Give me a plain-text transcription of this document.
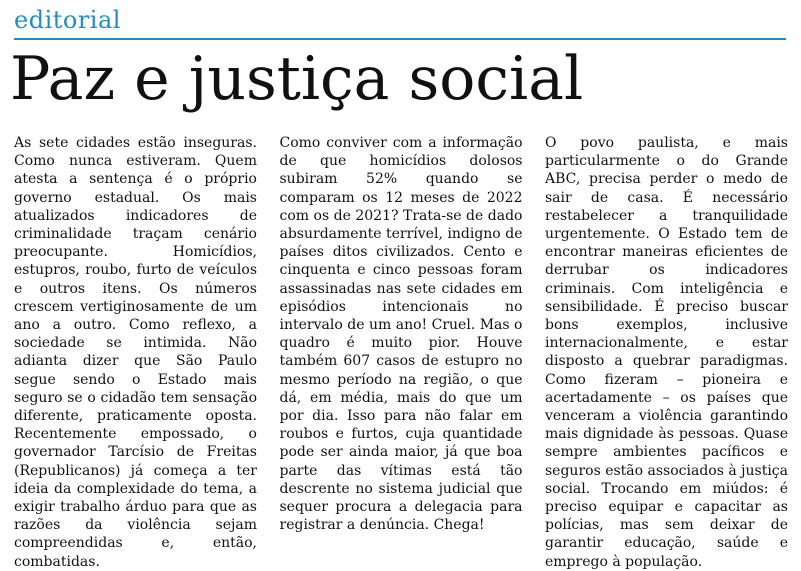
editorial
Paz e justiça social

As sete cidades estão inseguras. Como nunca estiveram. Quem atesta a sentença é o próprio governo estadual. Os mais atualizados indicadores de criminalidade traçam cenário preocupante. Homicídios, estupros, roubo, furto de veículos e outros itens. Os números crescem vertiginosamente de um ano a outro. Como reflexo, a sociedade se intimida. Não adianta dizer que São Paulo segue sendo o Estado mais seguro se o cidadão tem sensação diferente, praticamente oposta. Recentemente empossado, o governador Tarcísio de Freitas (Republicanos) já começa a ter ideia da complexidade do tema, a exigir trabalho árduo para que as razões da violência sejam compreendidas e, então, combatidas.

Como conviver com a informação de que homicídios dolosos subiram 52% quando se comparam os 12 meses de 2022 com os de 2021? Trata-se de dado absurdamente terrível, indigno de países ditos civilizados. Cento e cinquenta e cinco pessoas foram assassinadas nas sete cidades em episódios intencionais no intervalo de um ano! Cruel. Mas o quadro é muito pior. Houve também 607 casos de estupro no mesmo período na região, o que dá, em média, mais do que um por dia. Isso para não falar em roubos e furtos, cuja quantidade pode ser ainda maior, já que boa parte das vítimas está tão descrente no sistema judicial que sequer procura a delegacia para registrar a denúncia. Chega!

O povo paulista, e mais particularmente o do Grande ABC, precisa perder o medo de sair de casa. É necessário restabelecer a tranquilidade urgentemente. O Estado tem de encontrar maneiras eficientes de derrubar os indicadores criminais. Com inteligência e sensibilidade. É preciso buscar bons exemplos, inclusive internacionalmente, e estar disposto a quebrar paradigmas. Como fizeram – pioneira e acertadamente – os países que venceram a violência garantindo mais dignidade às pessoas. Quase sempre ambientes pacíficos e seguros estão associados à justiça social. Trocando em miúdos: é preciso equipar e capacitar as polícias, mas sem deixar de garantir educação, saúde e emprego à população.
